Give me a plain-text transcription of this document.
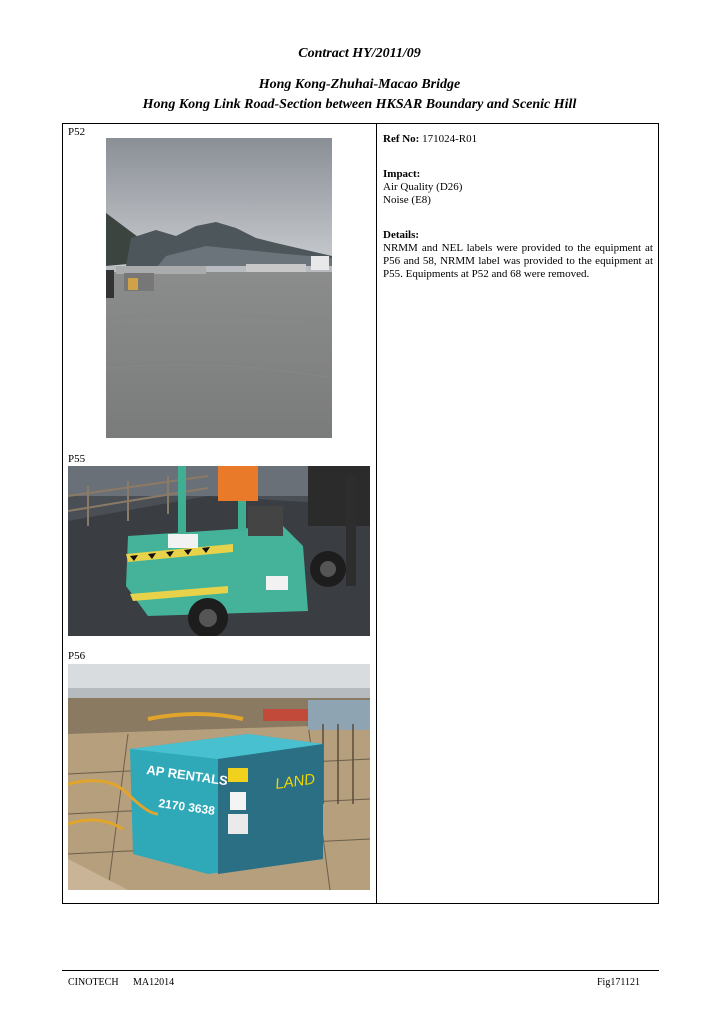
Contract HY/2011/09
Hong Kong-Zhuhai-Macao Bridge
Hong Kong Link Road-Section between HKSAR Boundary and Scenic Hill
P52
P55
P56
AP RENTALS
2170 3638
LAND
Ref No: 171024-R01
Impact:
Air Quality (D26)
Noise (E8)
Details:
NRMM and NEL labels were provided to the equipment at P56 and 58, NRMM label was provided to the equipment at P55. Equipments at P52 and 68 were removed.
CINOTECH MA12014	Fig171121
